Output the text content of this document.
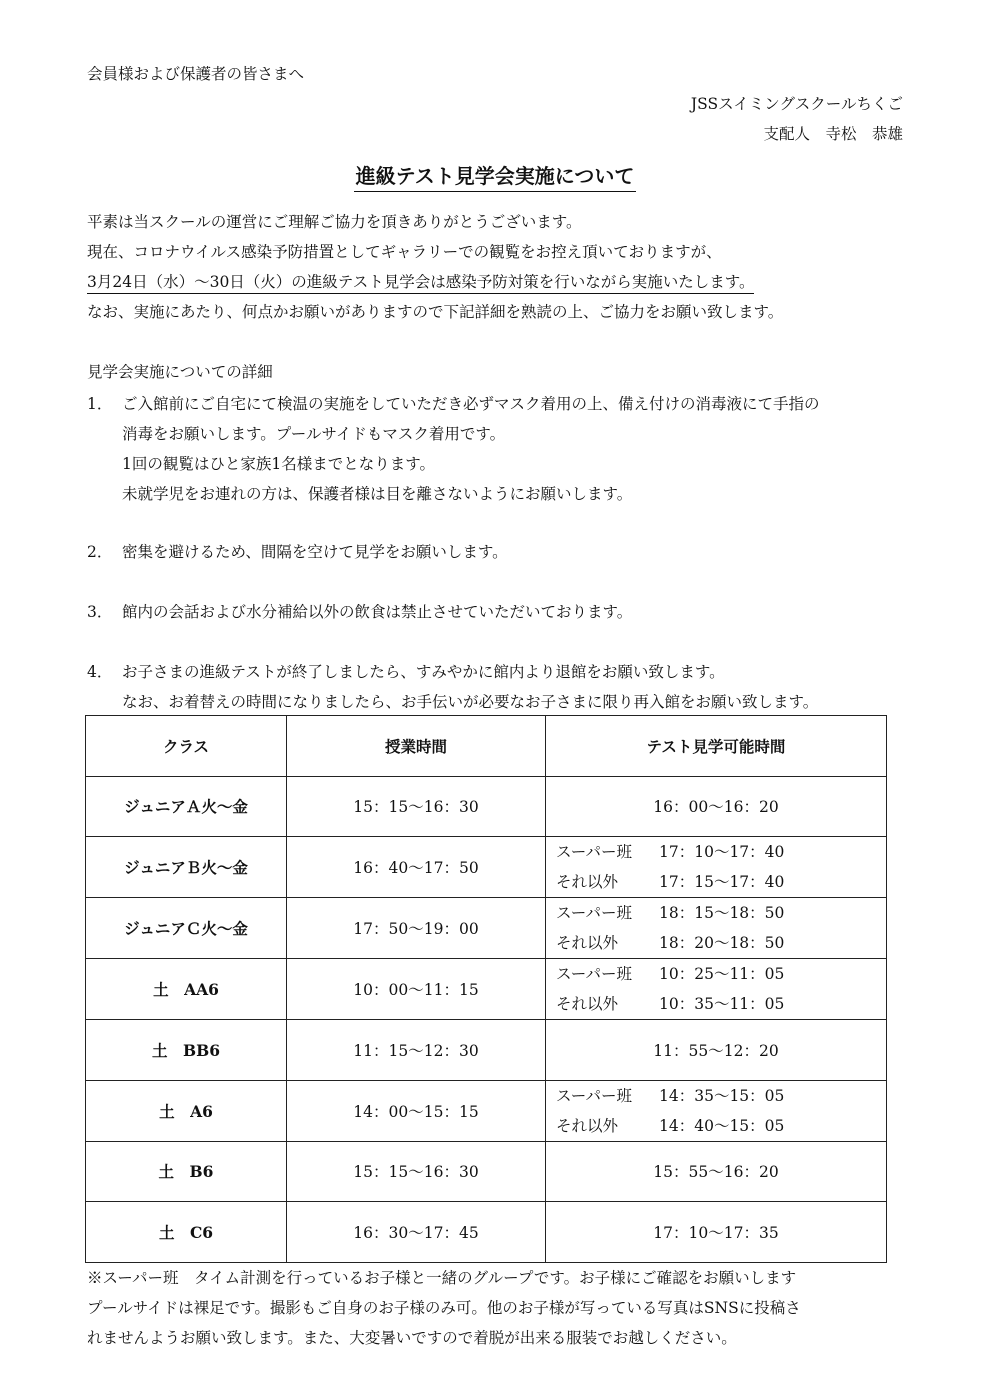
会員様および保護者の皆さまへ
JSSスイミングスクールちくご
支配人　寺松　恭雄
進級テスト見学会実施について
平素は当スクールの運営にご理解ご協力を頂きありがとうございます。
現在、コロナウイルス感染予防措置としてギャラリーでの観覧をお控え頂いておりますが、
3月24日（水）～30日（火）の進級テスト見学会は感染予防対策を行いながら実施いたします。
なお、実施にあたり、何点かお願いがありますので下記詳細を熟読の上、ご協力をお願い致します。
見学会実施についての詳細
1． ご入館前にご自宅にて検温の実施をしていただき必ずマスク着用の上、備え付けの消毒液にて手指の
消毒をお願いします。プールサイドもマスク着用です。
1回の観覧はひと家族1名様までとなります。
未就学児をお連れの方は、保護者様は目を離さないようにお願いします。
2． 密集を避けるため、間隔を空けて見学をお願いします。
3． 館内の会話および水分補給以外の飲食は禁止させていただいております。
4． お子さまの進級テストが終了しましたら、すみやかに館内より退館をお願い致します。
なお、お着替えの時間になりましたら、お手伝いが必要なお子さまに限り再入館をお願い致します。
クラス	授業時間	テスト見学可能時間
ジュニアＡ火～金	15：15～16：30	16：00～16：20
ジュニアＢ火～金	16：40～17：50	スーパー班 17：10～17：40
それ以外 17：15～17：40

ジュニアＣ火～金	17：50～19：00	スーパー班 18：15～18：50
それ以外 18：20～18：50

土　AA6	10：00～11：15	スーパー班 10：25～11：05
それ以外 10：35～11：05

土　BB6	11：15～12：30	11：55～12：20
土　A6	14：00～15：15	スーパー班 14：35～15：05
それ以外 14：40～15：05

土　B6	15：15～16：30	15：55～16：20
土　C6	16：30～17：45	17：10～17：35
※スーパー班　タイム計測を行っているお子様と一緒のグループです。お子様にご確認をお願いします
プールサイドは裸足です。撮影もご自身のお子様のみ可。他のお子様が写っている写真はSNSに投稿さ
れませんようお願い致します。また、大変暑いですので着脱が出来る服装でお越しください。
